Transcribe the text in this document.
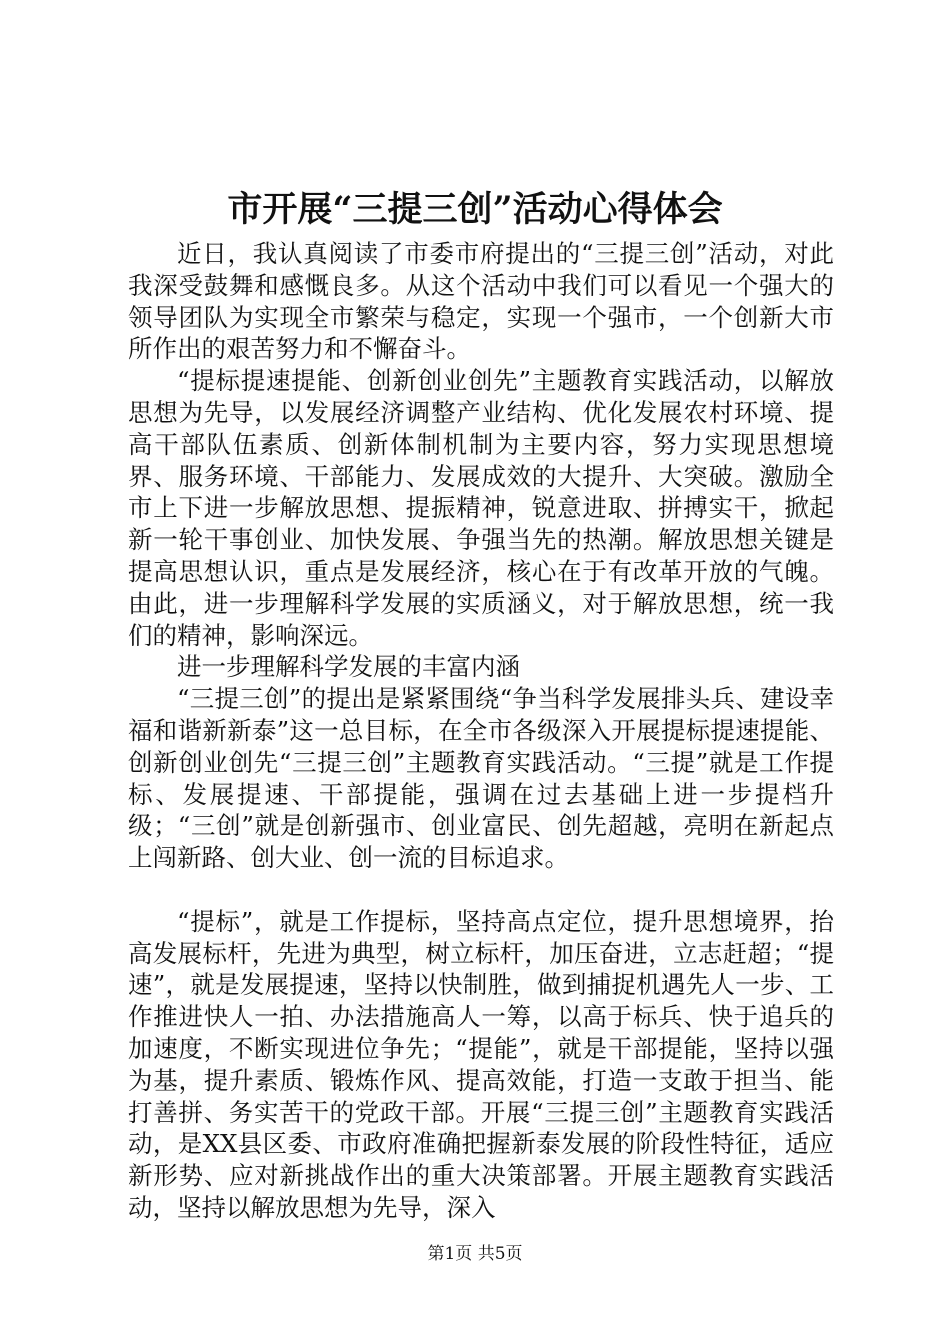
市开展“三提三创”活动心得体会

近日，我认真阅读了市委市府提出的“三提三创”活动，对此我深受鼓舞和感慨良多。从这个活动中我们可以看见一个强大的领导团队为实现全市繁荣与稳定，实现一个强市，一个创新大市所作出的艰苦努力和不懈奋斗。

“提标提速提能、创新创业创先”主题教育实践活动，以解放思想为先导，以发展经济调整产业结构、优化发展农村环境、提高干部队伍素质、创新体制机制为主要内容，努力实现思想境界、服务环境、干部能力、发展成效的大提升、大突破。激励全市上下进一步解放思想、提振精神，锐意进取、拼搏实干，掀起新一轮干事创业、加快发展、争强当先的热潮。解放思想关键是提高思想认识，重点是发展经济，核心在于有改革开放的气魄。由此，进一步理解科学发展的实质涵义，对于解放思想，统一我们的精神，影响深远。

进一步理解科学发展的丰富内涵

“三提三创”的提出是紧紧围绕“争当科学发展排头兵、建设幸福和谐新新泰”这一总目标，在全市各级深入开展提标提速提能、创新创业创先“三提三创”主题教育实践活动。“三提”就是工作提标、发展提速、干部提能，强调在过去基础上进一步提档升级；“三创”就是创新强市、创业富民、创先超越，亮明在新起点上闯新路、创大业、创一流的目标追求。

“提标”，就是工作提标，坚持高点定位，提升思想境界，抬高发展标杆，先进为典型，树立标杆，加压奋进，立志赶超；“提速”，就是发展提速，坚持以快制胜，做到捕捉机遇先人一步、工作推进快人一拍、办法措施高人一筹，以高于标兵、快于追兵的加速度，不断实现进位争先；“提能”，就是干部提能，坚持以强为基，提升素质、锻炼作风、提高效能，打造一支敢于担当、能打善拼、务实苦干的党政干部。开展“三提三创”主题教育实践活动，是XX县区委、市政府准确把握新泰发展的阶段性特征，适应新形势、应对新挑战作出的重大决策部署。开展主题教育实践活动，坚持以解放思想为先导，深入

第1页 共5页
